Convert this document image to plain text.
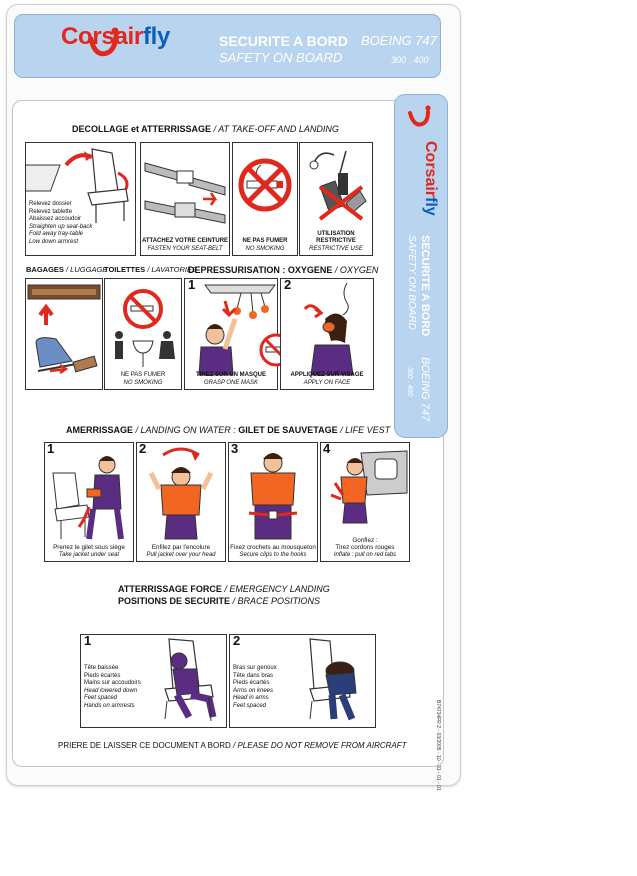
Corsairfly	SECURITE A BORD
SAFETY ON BOARD
BOEING 747
300 . 400
Corsairfly
SECURITE A BORD
SAFETY ON BOARD
BOEING 747
300 . 400
DECOLLAGE et ATTERRISSAGE / AT TAKE-OFF AND LANDING
Relevez dossier
Relevez tablette
Abaissez accoudoir
Straighten up seat-back
Fold away tray-table
Low down armrest	ATTACHEZ VOTRE CEINTURE
FASTEN YOUR SEAT-BELT
NE PAS FUMER
NO SMOKING
UTILISATION RESTRICTIVE
RESTRICTIVE USE
BAGAGES / LUGGAGE
TOILETTES / LAVATORIES
DEPRESSURISATION : OXYGENE / OXYGEN
NE PAS FUMER
NO SMOKING
1
TIREZ SUR UN MASQUE
GRASP ONE MASK
2
APPLIQUEZ SUR VISAGE
APPLY ON FACE
AMERRISSAGE / LANDING ON WATER : GILET DE SAUVETAGE / LIFE VEST
1
Prenez le gilet sous siège
Take jacket under seat
2
Enfilez par l'encolure
Pull jacket over your head
3
Fixez crochets au mousqueton
Secure clips to the hooks
4
Gonflez :
Tirez cordons rouges
Inflate : pull on red tabs
ATTERRISSAGE FORCE / EMERGENCY LANDING
POSITIONS DE SECURITE / BRACE POSITIONS
1
Tête baissée
Pieds écartés
Mains sur accoudoirs
Head lowered down
Feet spaced
Hands on armrests
2
Bras sur genoux
Tête dans bras
Pieds écartés
Arms on knees
Head in arms
Feet spaced
PRIERE DE LAISSER CE DOCUMENT A BORD / PLEASE DO NOT REMOVE FROM AIRCRAFT	B74734FR 2 - 03/2005 - 10 - 31 - 01 - 01
